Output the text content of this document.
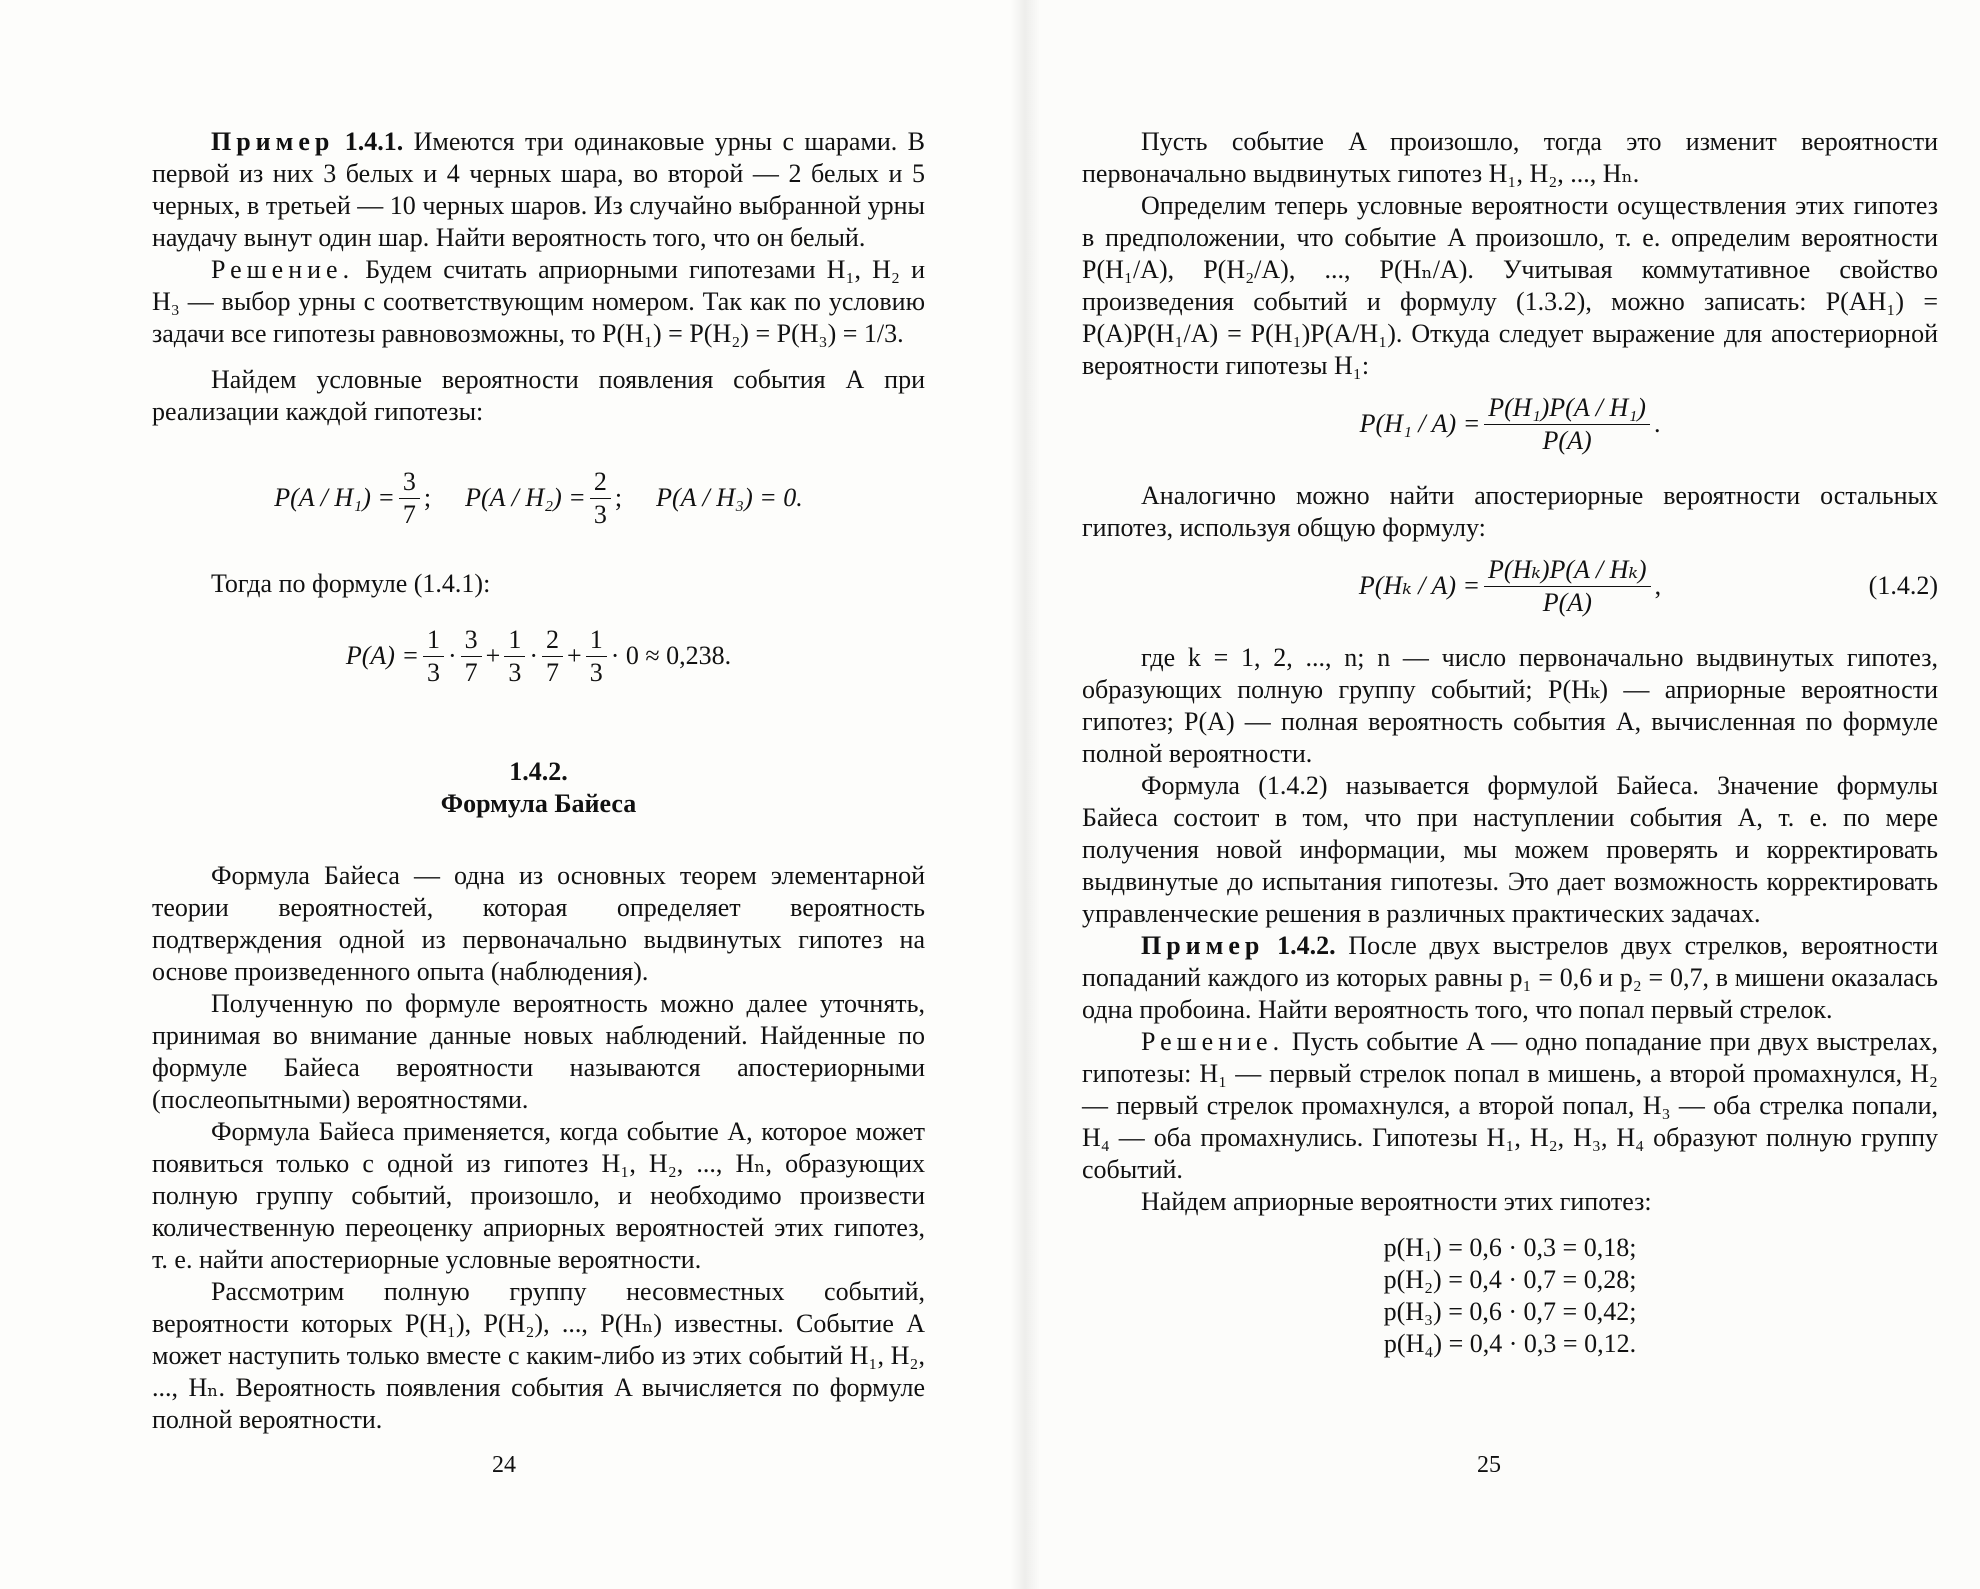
Пример 1.4.1. Имеются три одинаковые урны с шарами. В первой из них 3 белых и 4 черных шара, во второй — 2 белых и 5 черных, в третьей — 10 черных шаров. Из случайно выбранной урны наудачу вынут один шар. Найти вероятность того, что он белый.

Решение. Будем считать априорными гипотезами H₁, H₂ и H₃ — выбор урны с соответствующим номером. Так как по условию задачи все гипотезы равновозможны, то P(H₁) = P(H₂) = P(H₃) = 1/3.

Найдем условные вероятности появления события А при реализации каждой гипотезы:

$P(A / H_1) = \frac{3}{7}$ ; $P(A / H_2) = \frac{2}{3}$ ; P(A / H₃) = 0.

Тогда по формуле (1.4.1):

$P(A) = \frac{1}{3} \cdot \frac{3}{7} + \frac{1}{3} \cdot \frac{2}{7} + \frac{1}{3} \cdot 0 \approx 0,238$.

1.4.2.

Формула Байеса

Формула Байеса — одна из основных теорем элементарной теории вероятностей, которая определяет вероятность подтверждения одной из первоначально выдвинутых гипотез на основе произведенного опыта (наблюдения).

Полученную по формуле вероятность можно далее уточнять, принимая во внимание данные новых наблюдений. Найденные по формуле Байеса вероятности называются апостериорными (послеопытными) вероятностями.

Формула Байеса применяется, когда событие A, которое может появиться только с одной из гипотез H₁, H₂, ..., Hₙ, образующих полную группу событий, произошло, и необходимо произвести количественную переоценку априорных вероятностей этих гипотез, т. е. найти апостериорные условные вероятности.

Рассмотрим полную группу несовместных событий, вероятности которых P(H₁), P(H₂), ..., P(Hₙ) известны. Событие A может наступить только вместе с каким-либо из этих событий H₁, H₂, ..., Hₙ. Вероятность появления события A вычисляется по формуле полной вероятности.

24

Пусть событие A произошло, тогда это изменит вероятности первоначально выдвинутых гипотез H₁, H₂, ..., Hₙ.

Определим теперь условные вероятности осуществления этих гипотез в предположении, что событие A произошло, т. е. определим вероятности P(H₁/A), P(H₂/A), ..., P(Hₙ/A). Учитывая коммутативное свойство произведения событий и формулу (1.3.2), можно записать: P(AH₁) = P(A)P(H₁/A) = P(H₁)P(A/H₁). Откуда следует выражение для апостериорной вероятности гипотезы H₁:

$P(H_1 / A) = \frac{\text{P(H₁)P(A / H₁)}}{P(A)}$ .

Аналогично можно найти апостериорные вероятности остальных гипотез, используя общую формулу:

$P(H_k / A) = \frac{\text{P(Hₖ)P(A / Hₖ)}}{P(A)}$ ,	(1.4.2)

где k = 1, 2, ..., n; n — число первоначально выдвинутых гипотез, образующих полную группу событий; P(Hₖ) — априорные вероятности гипотез; P(A) — полная вероятность события A, вычисленная по формуле полной вероятности.

Формула (1.4.2) называется формулой Байеса. Значение формулы Байеса состоит в том, что при наступлении события A, т. е. по мере получения новой информации, мы можем проверять и корректировать выдвинутые до испытания гипотезы. Это дает возможность корректировать управленческие решения в различных практических задачах.

Пример 1.4.2. После двух выстрелов двух стрелков, вероятности попаданий каждого из которых равны p₁ = 0,6 и p₂ = 0,7, в мишени оказалась одна пробоина. Найти вероятность того, что попал первый стрелок.

Решение. Пусть событие A — одно попадание при двух выстрелах, гипотезы: H₁ — первый стрелок попал в мишень, а второй промахнулся, H₂ — первый стрелок промахнулся, а второй попал, H₃ — оба стрелка попали, H₄ — оба промахнулись. Гипотезы H₁, H₂, H₃, H₄ образуют полную группу событий.

Найдем априорные вероятности этих гипотез:

p(H₁) = 0,6 · 0,3 = 0,18;
p(H₂) = 0,4 · 0,7 = 0,28;
p(H₃) = 0,6 · 0,7 = 0,42;
p(H₄) = 0,4 · 0,3 = 0,12.
25
